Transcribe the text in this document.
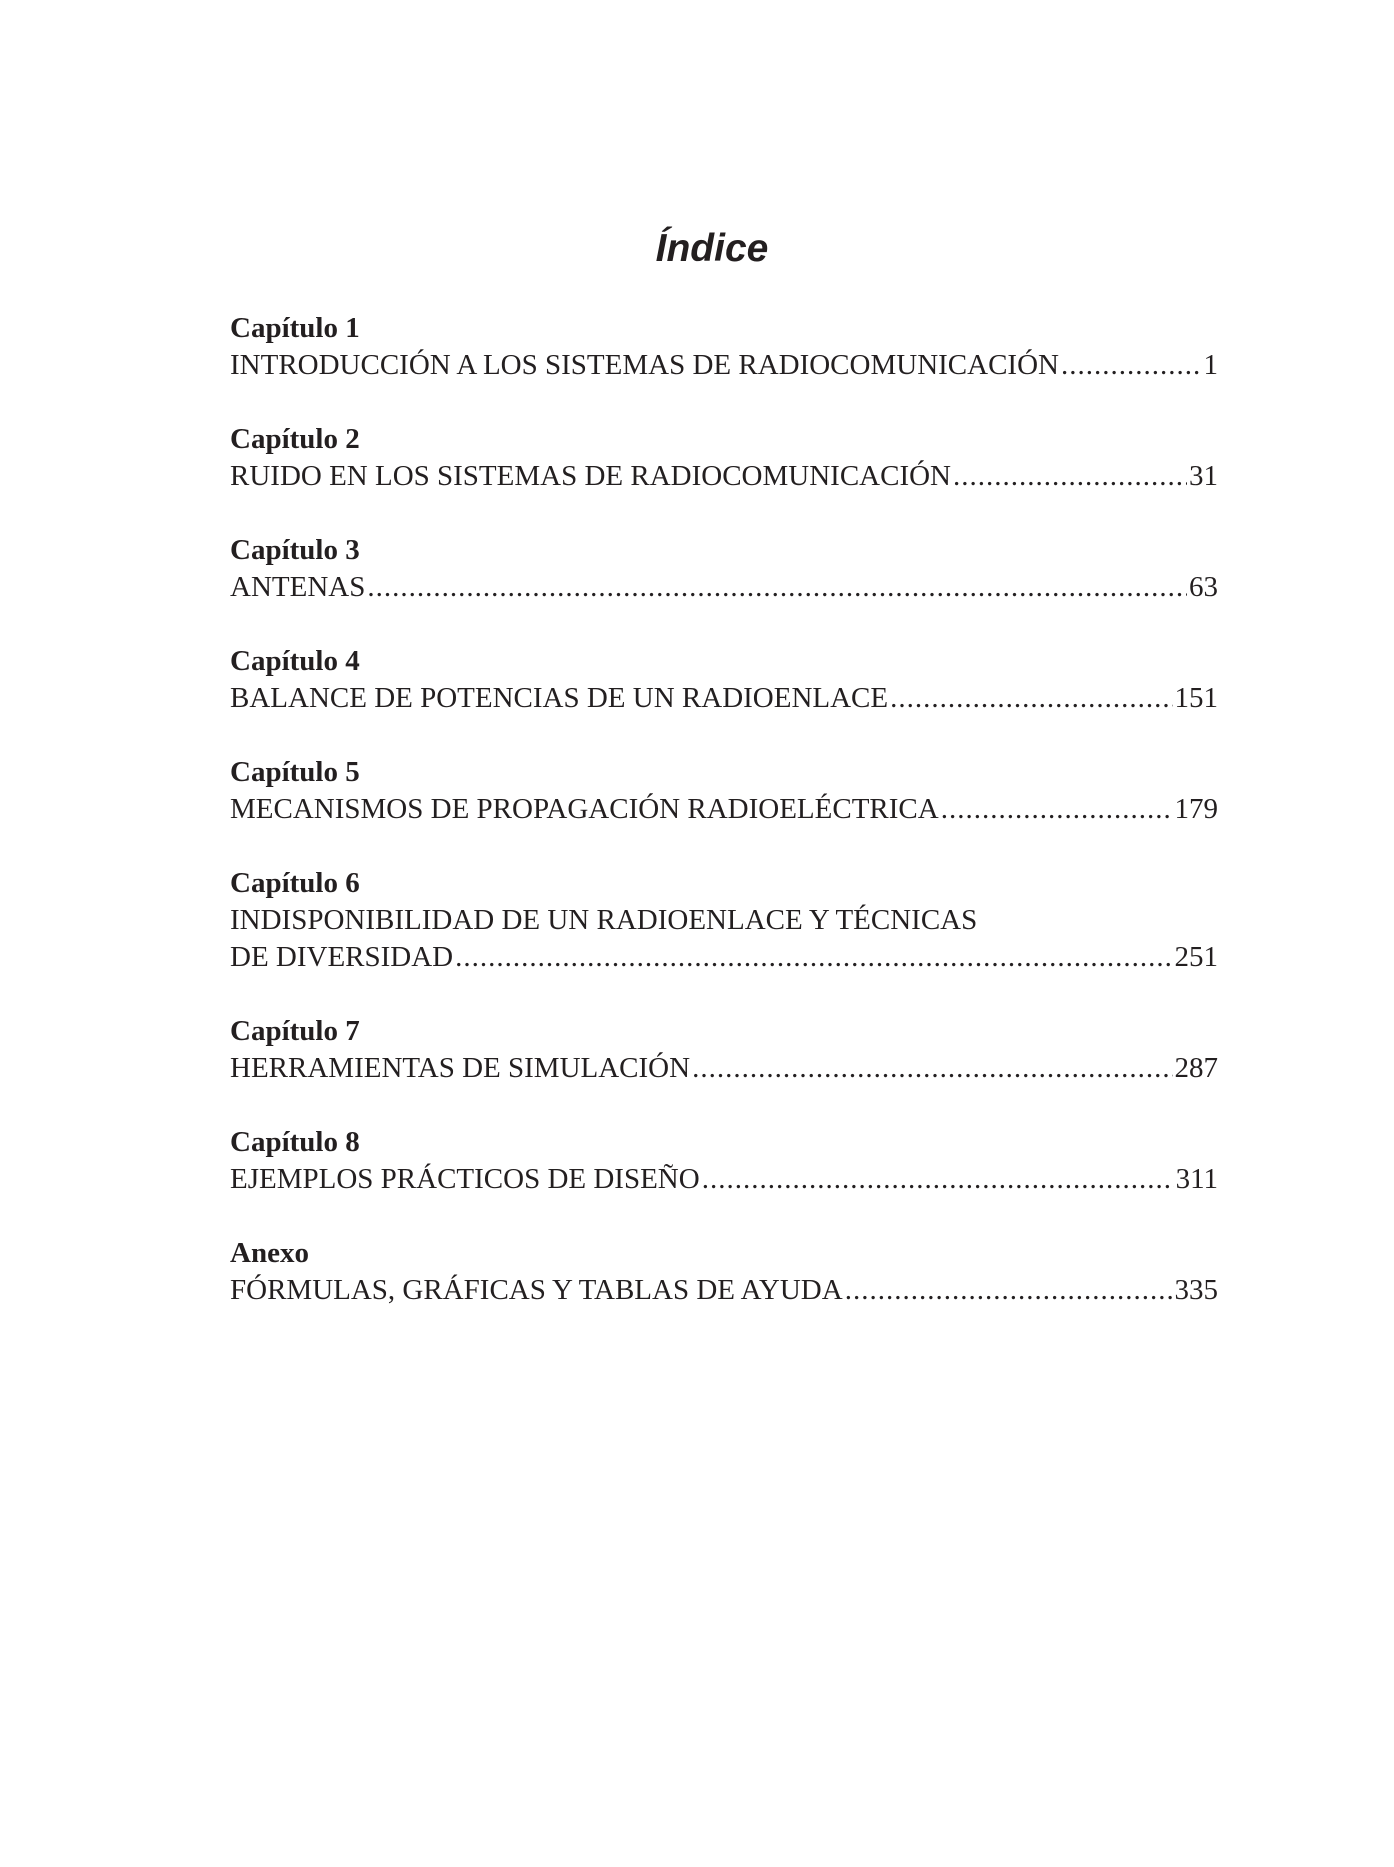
Índice
Capítulo 1
INTRODUCCIÓN A LOS SISTEMAS DE RADIOCOMUNICACIÓN .....	1
Capítulo 2
RUIDO EN LOS SISTEMAS DE RADIOCOMUNICACIÓN .....	31
Capítulo 3
ANTENAS .....	63
Capítulo 4
BALANCE DE POTENCIAS DE UN RADIOENLACE .....	151
Capítulo 5
MECANISMOS DE PROPAGACIÓN RADIOELÉCTRICA .....	179
Capítulo 6
INDISPONIBILIDAD DE UN RADIOENLACE Y TÉCNICAS
DE DIVERSIDAD .....	251
Capítulo 7
HERRAMIENTAS DE SIMULACIÓN .....	287
Capítulo 8
EJEMPLOS PRÁCTICOS DE DISEÑO .....	311
Anexo
FÓRMULAS, GRÁFICAS Y TABLAS DE AYUDA .....	335
